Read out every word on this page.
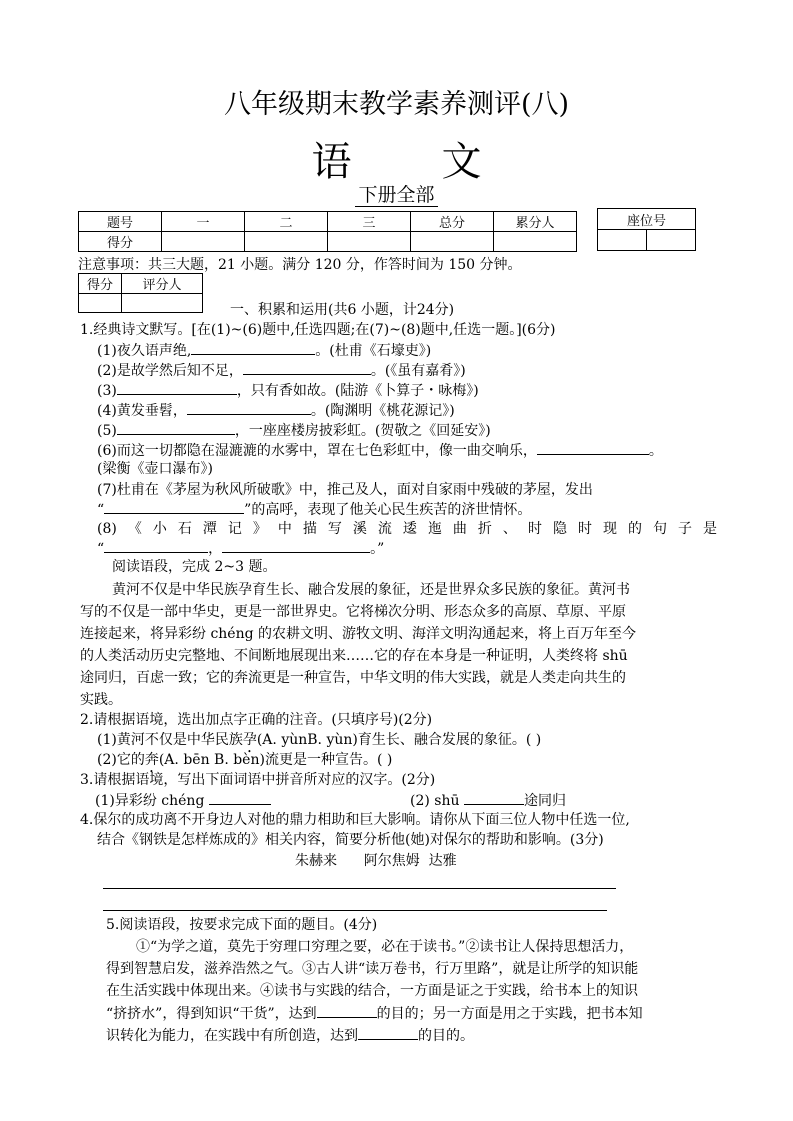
八年级期末教学素养测评(八)
语文
下册全部
题号	一	二	三	总分	累分人
得分					
座位号

注意事项：共三大题，21 小题。满分 120 分，作答时间为 150 分钟。
得分	评分人

一、积累和运用(共6 小题，计24分)
1.经典诗文默写。[在(1)~(6)题中,任选四题;在(7)~(8)题中,任选一题。](6分)
(1)夜久语声绝,	。(杜甫《石壕吏》)
(2)是故学然后知不足，	。(《虽有嘉肴》)
(3)	，只有香如故。(陆游《卜算子・咏梅》)
(4)黄发垂髫，	。(陶渊明《桃花源记》)
(5)	，一座座楼房披彩虹。(贺敬之《回延安》)
(6)而这一切都隐在湿漉漉的水雾中，罩在七色彩虹中，像一曲交响乐，	。
(梁衡《壶口瀑布》)
(7)杜甫在《茅屋为秋风所破歌》中，推己及人，面对自家雨中残破的茅屋，发出
“	”的高呼，表现了他关心民生疾苦的济世情怀。
(8)《小石潭记》中描写溪流逶迤曲折、时隐时现的句子是
“	，	。”
阅读语段，完成 2~3 题。
黄河不仅是中华民族孕育生长、融合发展的象征，还是世界众多民族的象征。黄河书
写的不仅是一部中华史，更是一部世界史。它将梯次分明、形态众多的高原、草原、平原
连接起来，将异彩纷 chéng 的农耕文明、游牧文明、海洋文明沟通起来，将上百万年至今
的人类活动历史完整地、不间断地展现出来……它的存在本身是一种证明，人类终将 shū
途同归，百虑一致；它的奔流更是一种宣告，中华文明的伟大实践，就是人类走向共生的
实践。
2.请根据语境，选出加点字正确的注音。(只填序号)(2分)
(1)黄河不仅是中华民族孕(A. yùnB. yùn)育生长、融合发展的象征。( )
(2)它的奔(A. bēn B. bèn)流更是一种宣告。( )
3.请根据语境，写出下面词语中拼音所对应的汉字。(2分)
(1)异彩纷 chéng	(2) shū	途同归
4.保尔的成功离不开身边人对他的鼎力相助和巨大影响。请你从下面三位人物中任选一位,
结合《钢铁是怎样炼成的》相关内容，简要分析他(她)对保尔的帮助和影响。(3分)
朱赫来      阿尔焦姆  达雅
5.阅读语段，按要求完成下面的题目。(4分)
①“为学之道，莫先于穷理口穷理之要，必在于读书。”②读书让人保持思想活力，
得到智慧启发，滋养浩然之气。③古人讲“读万卷书，行万里路”，就是让所学的知识能
在生活实践中体现出来。④读书与实践的结合，一方面是证之于实践，给书本上的知识
“挤挤水”，得到知识“干货”，达到	的目的；另一方面是用之于实践，把书本知
识转化为能力，在实践中有所创造，达到	的目的。
